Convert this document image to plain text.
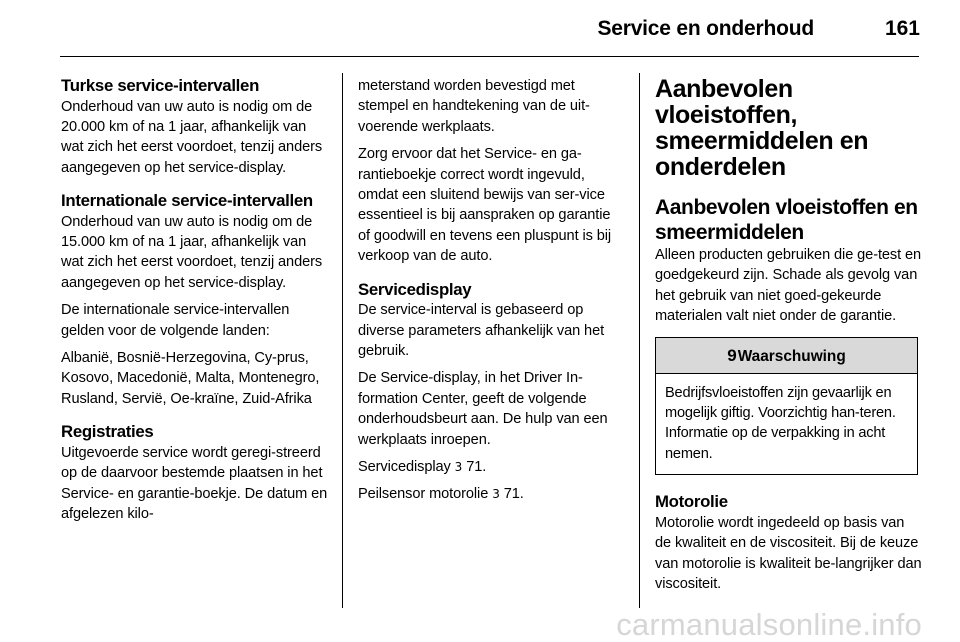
Service en onderhoud	161
Turkse service-intervallen
Onderhoud van uw auto is nodig om de 20.000 km of na 1 jaar, afhankelijk van wat zich het eerst voordoet, tenzij anders aangegeven op het service-display.
Internationale service-intervallen
Onderhoud van uw auto is nodig om de 15.000 km of na 1 jaar, afhankelijk van wat zich het eerst voordoet, tenzij anders aangegeven op het service-display.
De internationale service-intervallen gelden voor de volgende landen:
Albanië, Bosnië-Herzegovina, Cy-prus, Kosovo, Macedonië, Malta, Montenegro, Rusland, Servië, Oe-kraïne, Zuid-Afrika
Registraties
Uitgevoerde service wordt geregi-streerd op de daarvoor bestemde plaatsen in het Service- en garantie-boekje. De datum en afgelezen kilo-
meterstand worden bevestigd met stempel en handtekening van de uit-voerende werkplaats.
Zorg ervoor dat het Service- en ga-rantieboekje correct wordt ingevuld, omdat een sluitend bewijs van ser-vice essentieel is bij aanspraken op garantie of goodwill en tevens een pluspunt is bij verkoop van de auto.
Servicedisplay
De service-interval is gebaseerd op diverse parameters afhankelijk van het gebruik.
De Service-display, in het Driver In-formation Center, geeft de volgende onderhoudsbeurt aan. De hulp van een werkplaats inroepen.
Servicedisplay 3 71.
Peilsensor motorolie 3 71.
Aanbevolen vloeistoffen, smeermiddelen en onderdelen
Aanbevolen vloeistoffen en smeermiddelen
Alleen producten gebruiken die ge-test en goedgekeurd zijn. Schade als gevolg van het gebruik van niet goed-gekeurde materialen valt niet onder de garantie.
9Waarschuwing
Bedrijfsvloeistoffen zijn gevaarlijk en mogelijk giftig. Voorzichtig han-teren. Informatie op de verpakking in acht nemen.
Motorolie
Motorolie wordt ingedeeld op basis van de kwaliteit en de viscositeit. Bij de keuze van motorolie is kwaliteit be-langrijker dan viscositeit.
carmanualsonline.info
